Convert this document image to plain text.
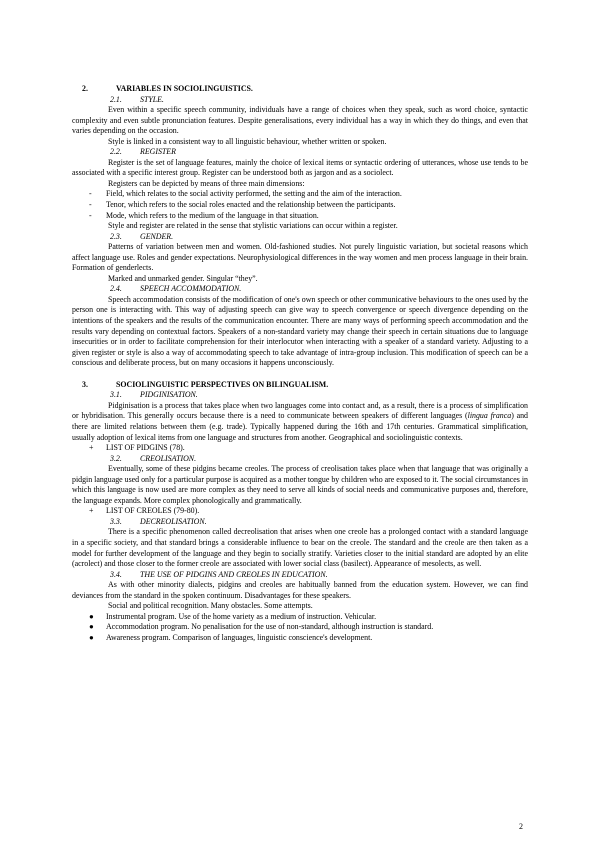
2.	VARIABLES IN SOCIOLINGUISTICS.

2.1. STYLE.

Even within a specific speech community, individuals have a range of choices when they speak, such as word choice, syntactic complexity and even subtle pronunciation features. Despite generalisations, every individual has a way in which they do things, and even that varies depending on the occasion.

Style is linked in a consistent way to all linguistic behaviour, whether written or spoken.

2.2. REGISTER

Register is the set of language features, mainly the choice of lexical items or syntactic ordering of utterances, whose use tends to be associated with a specific interest group. Register can be understood both as jargon and as a sociolect.

Registers can be depicted by means of three main dimensions:

-	Field, which relates to the social activity performed, the setting and the aim of the interaction.

-	Tenor, which refers to the social roles enacted and the relationship between the participants.

-	Mode, which refers to the medium of the language in that situation.

Style and register are related in the sense that stylistic variations can occur within a register.

2.3. GENDER.

Patterns of variation between men and women. Old-fashioned studies. Not purely linguistic variation, but societal reasons which affect language use. Roles and gender expectations. Neurophysiological differences in the way women and men process language in their brain. Formation of genderlects.

Marked and unmarked gender. Singular “they”.

2.4. SPEECH ACCOMMODATION.

Speech accommodation consists of the modification of one's own speech or other communicative behaviours to the ones used by the person one is interacting with. This way of adjusting speech can give way to speech convergence or speech divergence depending on the intentions of the speakers and the results of the communication encounter. There are many ways of performing speech accommodation and the results vary depending on contextual factors. Speakers of a non-standard variety may change their speech in certain situations due to language insecurities or in order to facilitate comprehension for their interlocutor when interacting with a speaker of a standard variety. Adjusting to a given register or style is also a way of accommodating speech to take advantage of intra-group inclusion. This modification of speech can be a conscious and deliberate process, but on many occasions it happens unconsciously.

3.	SOCIOLINGUISTIC PERSPECTIVES ON BILINGUALISM.

3.1. PIDGINISATION.

Pidginisation is a process that takes place when two languages come into contact and, as a result, there is a process of simplification or hybridisation. This generally occurs because there is a need to communicate between speakers of different languages (lingua franca) and there are limited relations between them (e.g. trade). Typically happened during the 16th and 17th centuries. Grammatical simplification, usually adoption of lexical items from one language and structures from another. Geographical and sociolinguistic contexts.

+	LIST OF PIDGINS (78).

3.2. CREOLISATION.

Eventually, some of these pidgins became creoles. The process of creolisation takes place when that language that was originally a pidgin language used only for a particular purpose is acquired as a mother tongue by children who are exposed to it. The social circumstances in which this language is now used are more complex as they need to serve all kinds of social needs and communicative purposes and, therefore, the language expands. More complex phonologically and grammatically.

+	LIST OF CREOLES (79-80).

3.3. DECREOLISATION.

There is a specific phenomenon called decreolisation that arises when one creole has a prolonged contact with a standard language in a specific society, and that standard brings a considerable influence to bear on the creole. The standard and the creole are then taken as a model for further development of the language and they begin to socially stratify. Varieties closer to the initial standard are adopted by an elite (acrolect) and those closer to the former creole are associated with lower social class (basilect). Appearance of mesolects, as well.

3.4. THE USE OF PIDGINS AND CREOLES IN EDUCATION.

As with other minority dialects, pidgins and creoles are habitually banned from the education system. However, we can find deviances from the standard in the spoken continuum. Disadvantages for these speakers.

Social and political recognition. Many obstacles. Some attempts.

●	Instrumental program. Use of the home variety as a medium of instruction. Vehicular.

●	Accommodation program. No penalisation for the use of non-standard, although instruction is standard.

●	Awareness program. Comparison of languages, linguistic conscience's development.

2
